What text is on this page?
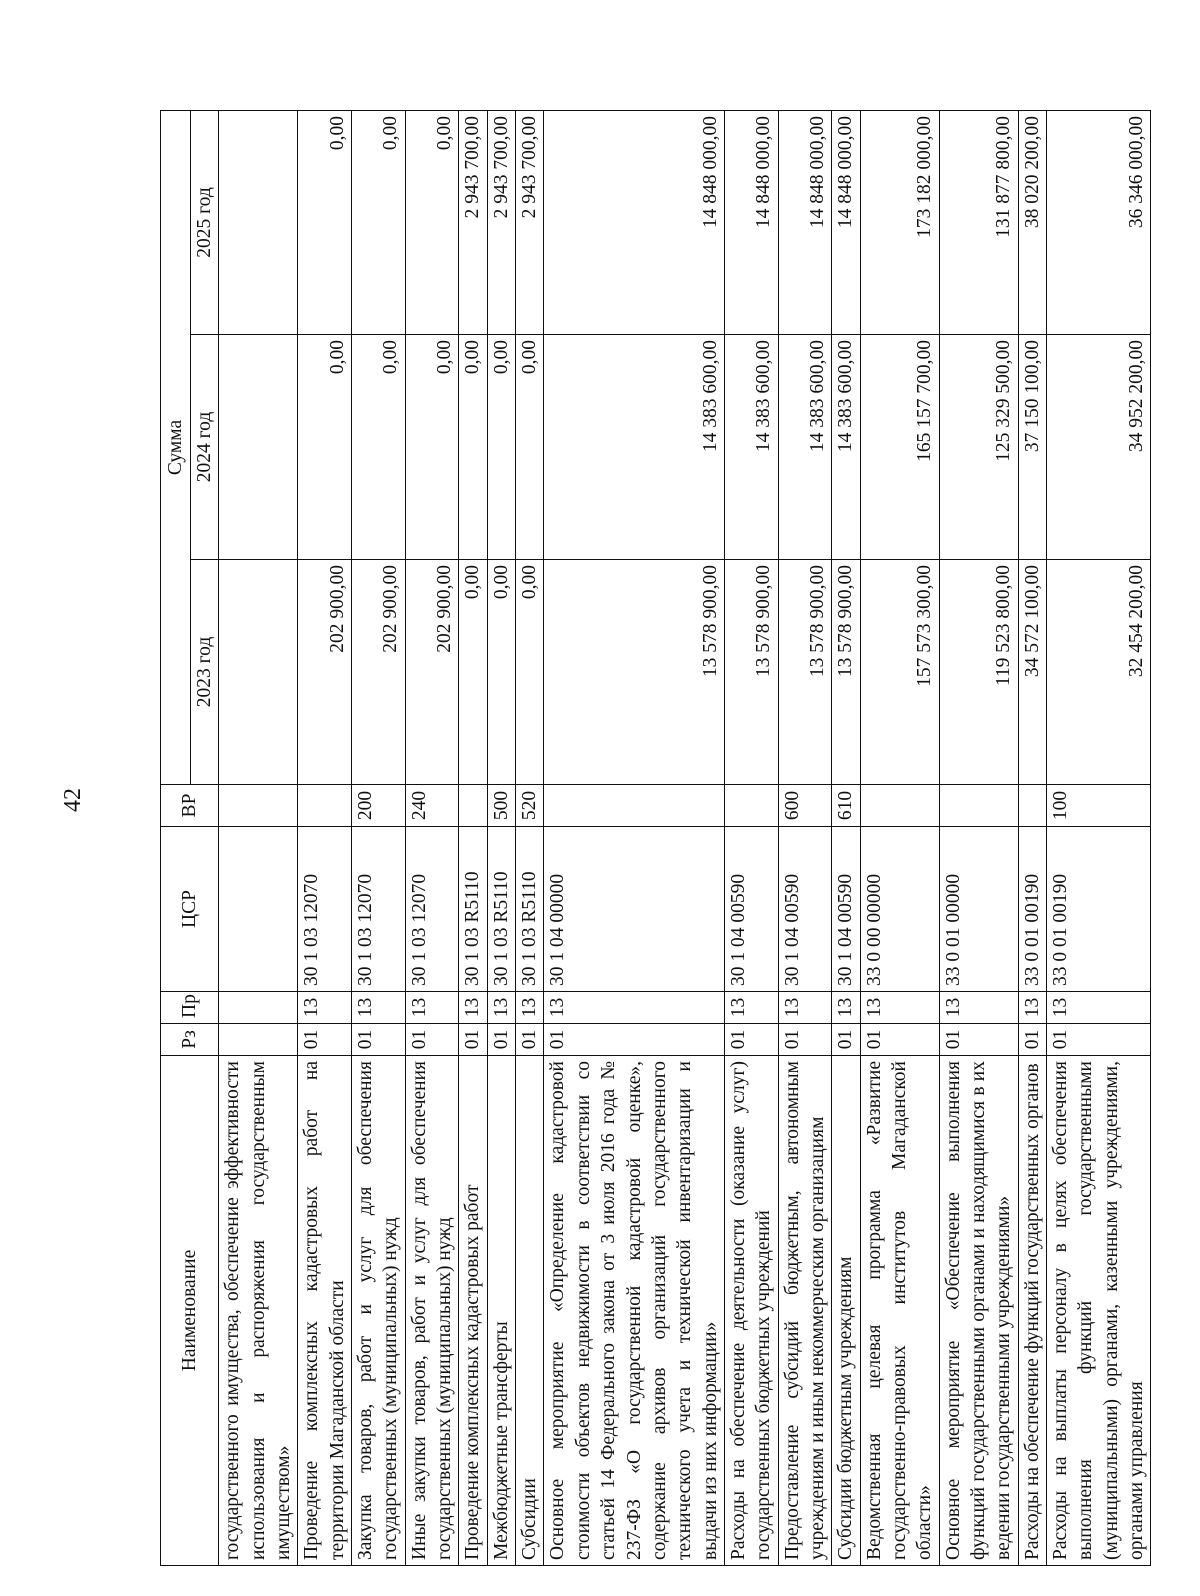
42
Наименование	Рз	Пр	ЦСР	ВР	Сумма		
					2023 год	2024 год	2025 год
государственного имущества, обеспечение эффективности использования и распоряжения государственным имуществом»							
Проведение комплексных кадастровых работ на территории Магаданской области	01	13	30 1 03 12070		202 900,00	0,00	0,00
Закупка товаров, работ и услуг для обеспечения государственных (муниципальных) нужд	01	13	30 1 03 12070	200	202 900,00	0,00	0,00
Иные закупки товаров, работ и услуг для обеспечения государственных (муниципальных) нужд	01	13	30 1 03 12070	240	202 900,00	0,00	0,00
Проведение комплексных кадастровых работ	01	13	30 1 03 R5110		0,00	0,00	2 943 700,00
Межбюджетные трансферты	01	13	30 1 03 R5110	500	0,00	0,00	2 943 700,00
Субсидии	01	13	30 1 03 R5110	520	0,00	0,00	2 943 700,00
Основное мероприятие «Определение кадастровой стоимости объектов недвижимости в соответствии со статьей 14 Федерального закона от 3 июля 2016 года № 237-ФЗ «О государственной кадастровой оценке», содержание архивов организаций государственного технического учета и технической инвентаризации и выдачи из них информации»	01	13	30 1 04 00000		13 578 900,00	14 383 600,00	14 848 000,00
Расходы на обеспечение деятельности (оказание услуг) государственных бюджетных учреждений	01	13	30 1 04 00590		13 578 900,00	14 383 600,00	14 848 000,00
Предоставление субсидий бюджетным, автономным учреждениям и иным некоммерческим организациям	01	13	30 1 04 00590	600	13 578 900,00	14 383 600,00	14 848 000,00
Субсидии бюджетным учреждениям	01	13	30 1 04 00590	610	13 578 900,00	14 383 600,00	14 848 000,00
Ведомственная целевая программа «Развитие государственно-правовых институтов Магаданской области»	01	13	33 0 00 00000		157 573 300,00	165 157 700,00	173 182 000,00
Основное мероприятие «Обеспечение выполнения функций государственными органами и находящимися в их ведении государственными учреждениями»	01	13	33 0 01 00000		119 523 800,00	125 329 500,00	131 877 800,00
Расходы на обеспечение функций государственных органов	01	13	33 0 01 00190		34 572 100,00	37 150 100,00	38 020 200,00
Расходы на выплаты персоналу в целях обеспечения выполнения функций государственными (муниципальными) органами, казенными учреждениями, органами управления	01	13	33 0 01 00190	100	32 454 200,00	34 952 200,00	36 346 000,00
